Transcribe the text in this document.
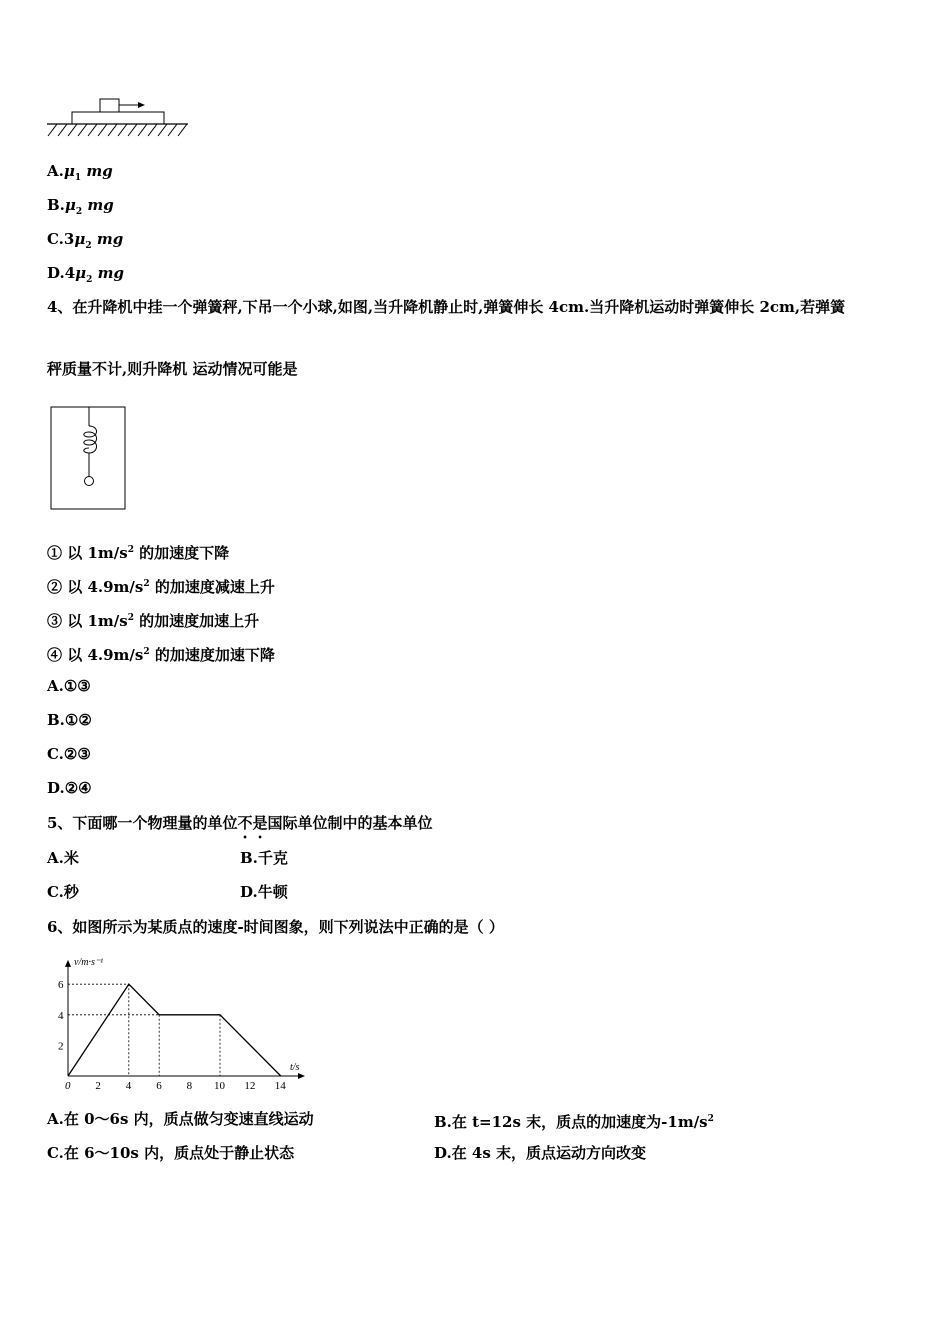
$A.\mu_1$ mg
$B.\mu_2$ mg
$C.3\mu_2$ mg
$D.4\mu_2$ mg
4、在升降机中挂一个弹簧秤,下吊一个小球,如图,当升降机静止时,弹簧伸长 4cm.当升降机运动时弹簧伸长 2cm,若弹簧
秤质量不计,则升降机 运动情况可能是
① 以 $1m/s^2$ 的加速度下降
② 以 $4.9m/s^2$ 的加速度减速上升
③ 以 $1m/s^2$ 的加速度加速上升
④ 以 $4.9m/s^2$ 的加速度加速下降
A.①③
B.①②
C.②③
D.②④
5、下面哪一个物理量的单位不是国际单位制中的基本单位
A.米	B.千克
C.秒	D.牛顿
6、如图所示为某质点的速度-时间图象，则下列说法中正确的是（ ）
v/m·s⁻¹
t/s
0 2 4 6 8 10 12 14
2
4
6
A.在 0～6s 内，质点做匀变速直线运动	B.在 t=12s 末，质点的加速度为$-1m/s^2$
C.在 6～10s 内，质点处于静止状态	D.在 4s 末，质点运动方向改变
